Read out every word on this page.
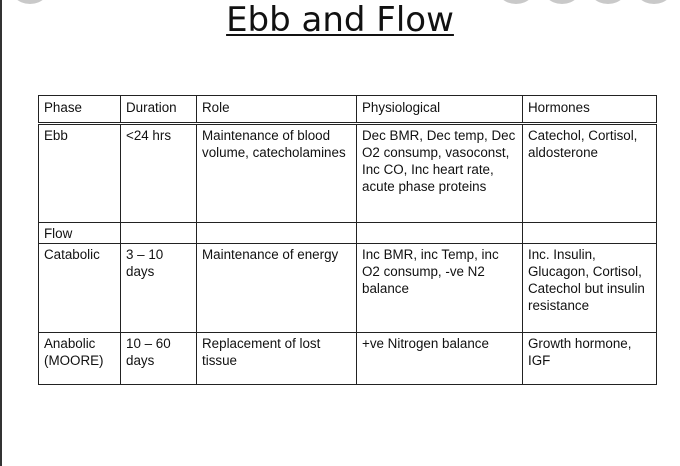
Ebb and Flow
Phase	Duration	Role	Physiological	Hormones
Ebb	<24 hrs	Maintenance of blood volume, catecholamines	Dec BMR, Dec temp, Dec O2 consump, vasoconst, Inc CO, Inc heart rate, acute phase proteins	Catechol, Cortisol, aldosterone
Flow				
Catabolic	3 – 10 days	Maintenance of energy	Inc BMR, inc Temp, inc O2 consump, -ve N2 balance	Inc. Insulin, Glucagon, Cortisol, Catechol but insulin resistance
Anabolic (MOORE)	10 – 60 days	Replacement of lost tissue	+ve Nitrogen balance	Growth hormone, IGF
